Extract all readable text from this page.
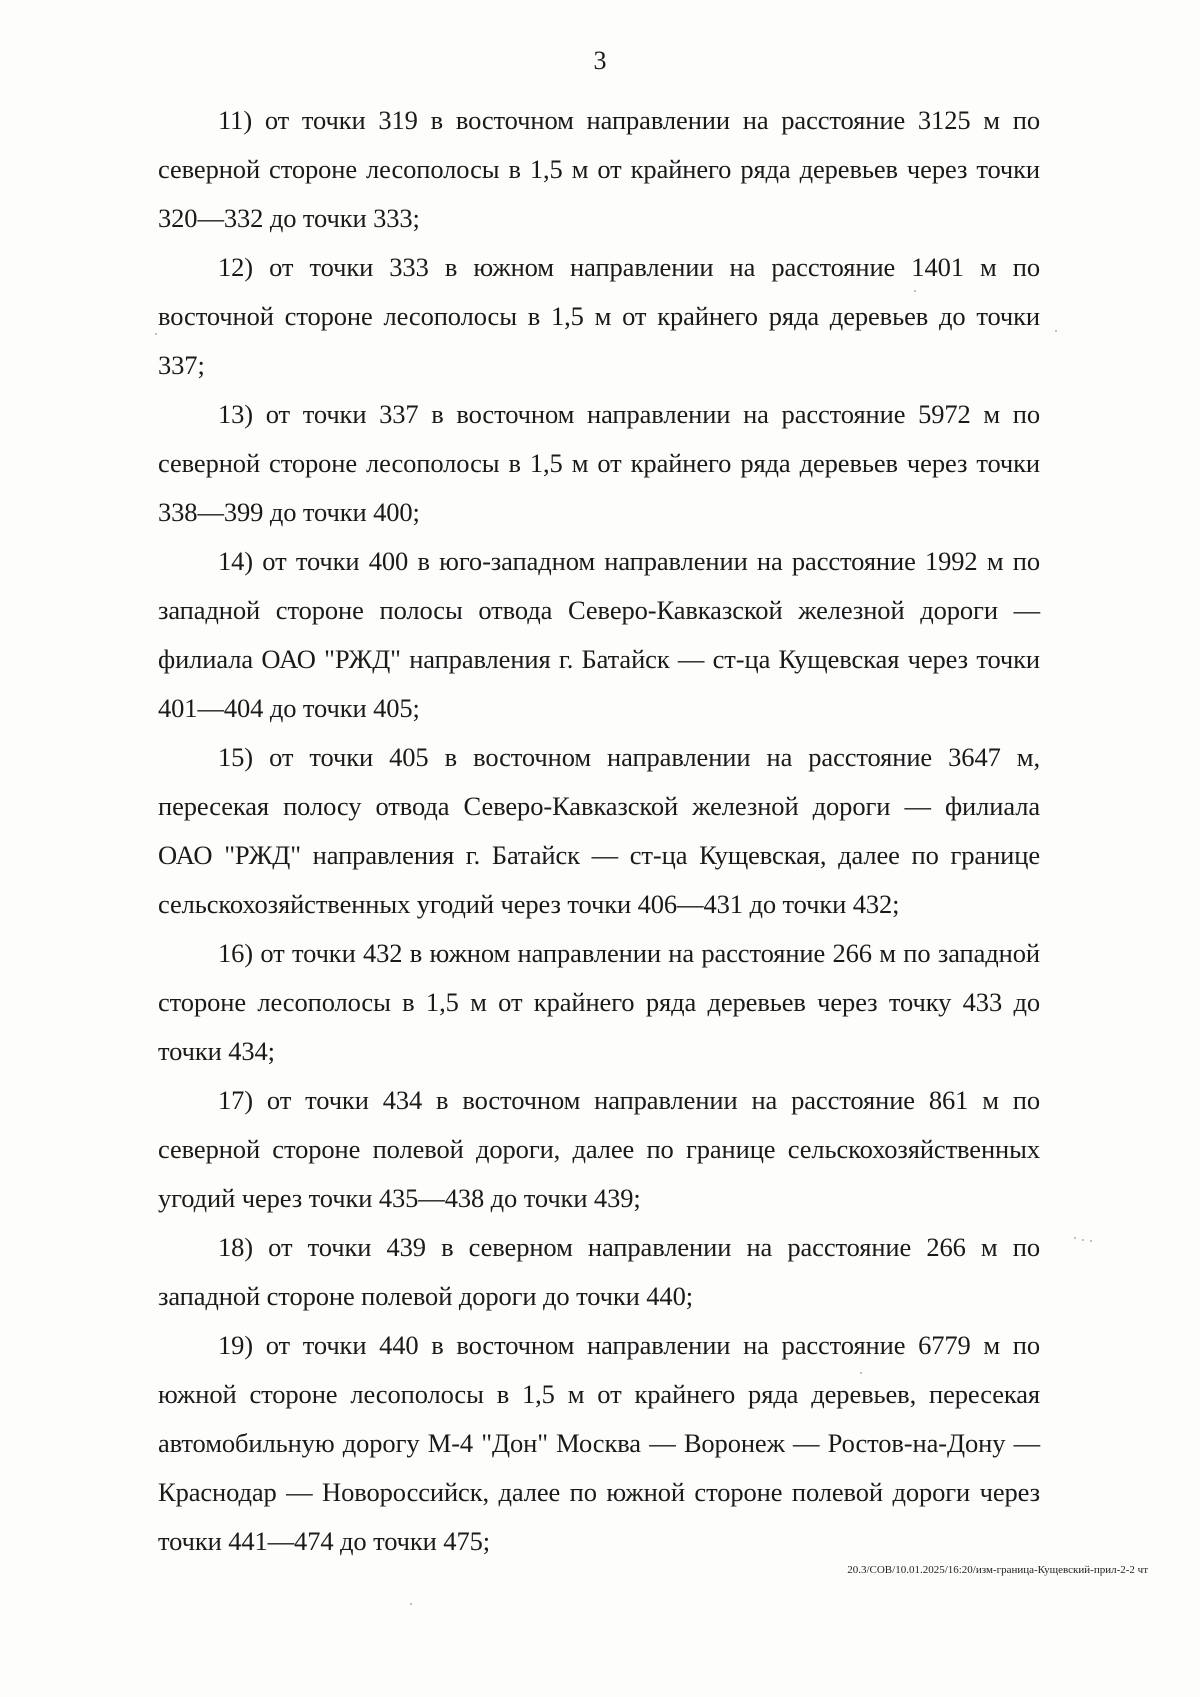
3
11) от точки 319 в восточном направлении на расстояние 3125 м по северной стороне лесополосы в 1,5 м от крайнего ряда деревьев через точки 320—332 до точки 333;
12) от точки 333 в южном направлении на расстояние 1401 м по восточной стороне лесополосы в 1,5 м от крайнего ряда деревьев до точки 337;
13) от точки 337 в восточном направлении на расстояние 5972 м по северной стороне лесополосы в 1,5 м от крайнего ряда деревьев через точки 338—399 до точки 400;
14) от точки 400 в юго-западном направлении на расстояние 1992 м по западной стороне полосы отвода Северо-Кавказской железной дороги — филиала ОАО "РЖД" направления г. Батайск — ст-ца Кущевская через точки 401—404 до точки 405;
15) от точки 405 в восточном направлении на расстояние 3647 м, пересекая полосу отвода Северо-Кавказской железной дороги — филиала ОАО "РЖД" направления г. Батайск — ст-ца Кущевская, далее по границе сельскохозяйственных угодий через точки 406—431 до точки 432;
16) от точки 432 в южном направлении на расстояние 266 м по западной стороне лесополосы в 1,5 м от крайнего ряда деревьев через точку 433 до точки 434;
17) от точки 434 в восточном направлении на расстояние 861 м по северной стороне полевой дороги, далее по границе сельскохозяйственных угодий через точки 435—438 до точки 439;
18) от точки 439 в северном направлении на расстояние 266 м по западной стороне полевой дороги до точки 440;
19) от точки 440 в восточном направлении на расстояние 6779 м по южной стороне лесополосы в 1,5 м от крайнего ряда деревьев, пересекая автомобильную дорогу М-4 "Дон" Москва — Воронеж — Ростов-на-Дону — Краснодар — Новороссийск, далее по южной стороне полевой дороги через точки 441—474 до точки 475;
20.3/СОВ/10.01.2025/16:20/изм-граница-Кущевский-прил-2-2 чт
